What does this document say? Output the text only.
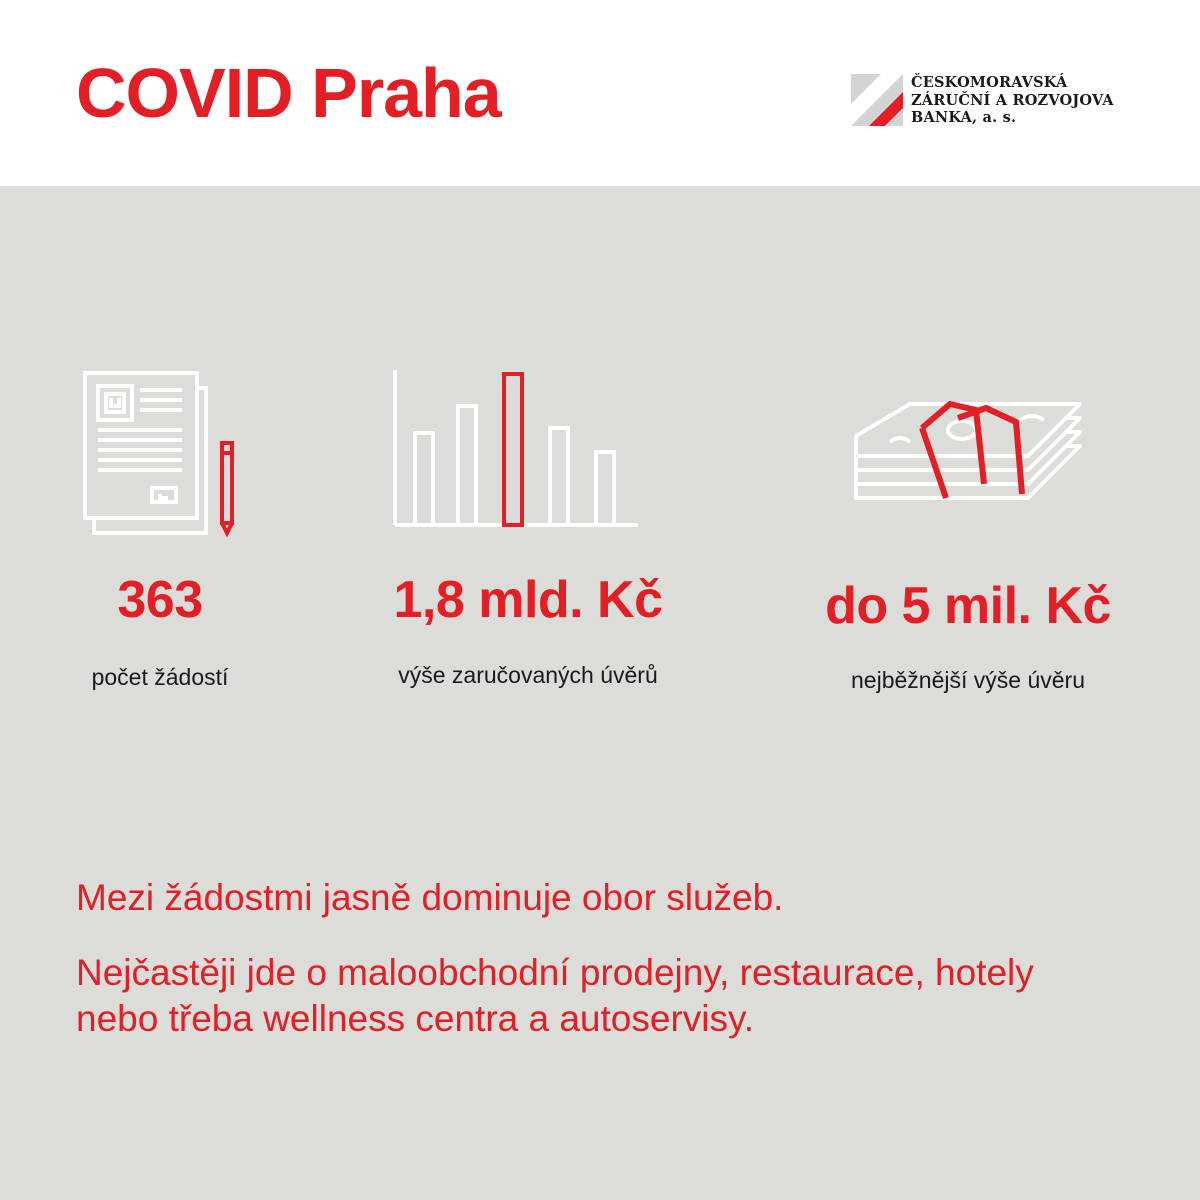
COVID Praha	ČESKOMORAVSKÁ
ZÁRUČNÍ A ROZVOJOVA
BANKA, a. s.
363
počet žádostí
1,8 mld. Kč
výše zaručovaných úvěrů
do 5 mil. Kč
nejběžnější výše úvěru

Mezi žádostmi jasně dominuje obor služeb.

Nejčastěji jde o maloobchodní prodejny, restaurace, hotely nebo třeba wellness centra a autoservisy.
